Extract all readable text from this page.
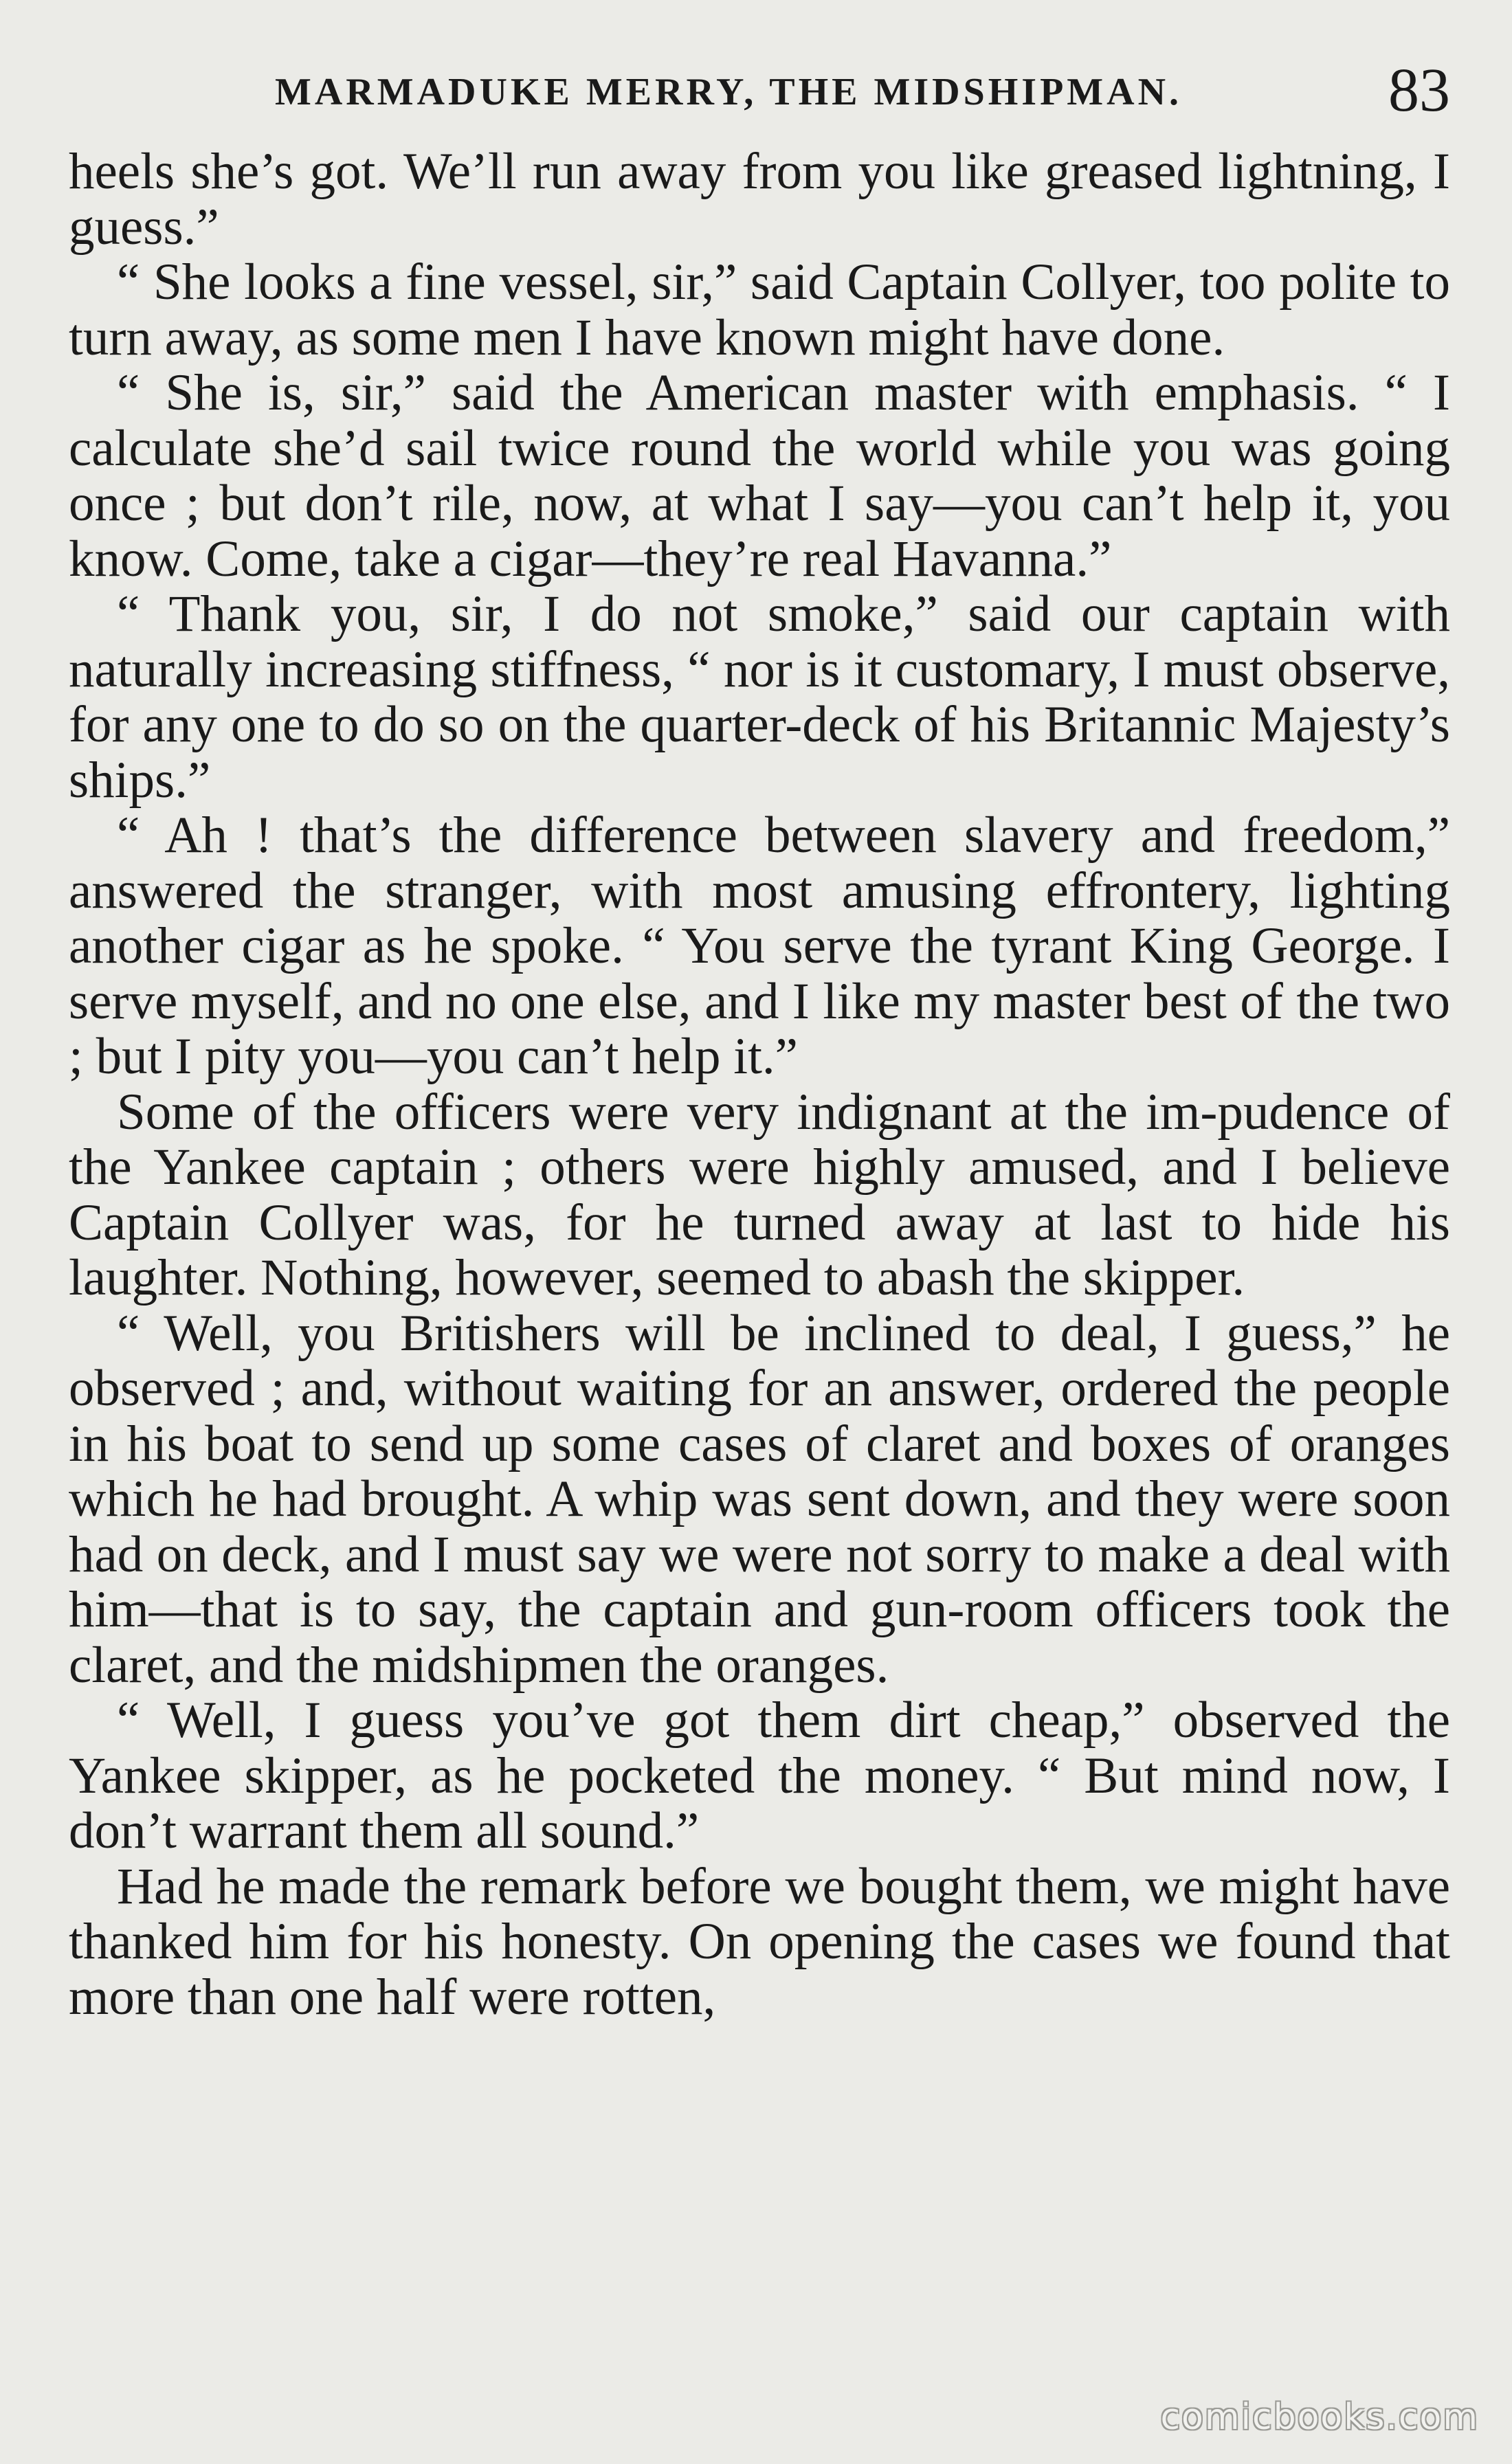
MARMADUKE MERRY, THE MIDSHIPMAN.	83

heels she’s got. We’ll run away from you like greased lightning, I guess.”

“ She looks a fine vessel, sir,” said Captain Collyer, too polite to turn away, as some men I have known might have done.

“ She is, sir,” said the American master with emphasis. “ I calculate she’d sail twice round the world while you was going once ; but don’t rile, now, at what I say—you can’t help it, you know. Come, take a cigar—they’re real Havanna.”

“ Thank you, sir, I do not smoke,” said our captain with naturally increasing stiffness, “ nor is it customary, I must observe, for any one to do so on the quarter-deck of his Britannic Majesty’s ships.”

“ Ah ! that’s the difference between slavery and freedom,” answered the stranger, with most amusing effrontery, lighting another cigar as he spoke. “ You serve the tyrant King George. I serve myself, and no one else, and I like my master best of the two ; but I pity you—you can’t help it.”

Some of the officers were very indignant at the im-pudence of the Yankee captain ; others were highly amused, and I believe Captain Collyer was, for he turned away at last to hide his laughter. Nothing, however, seemed to abash the skipper.

“ Well, you Britishers will be inclined to deal, I guess,” he observed ; and, without waiting for an answer, ordered the people in his boat to send up some cases of claret and boxes of oranges which he had brought. A whip was sent down, and they were soon had on deck, and I must say we were not sorry to make a deal with him—that is to say, the captain and gun-room officers took the claret, and the midshipmen the oranges.

“ Well, I guess you’ve got them dirt cheap,” observed the Yankee skipper, as he pocketed the money. “ But mind now, I don’t warrant them all sound.”

Had he made the remark before we bought them, we might have thanked him for his honesty. On opening the cases we found that more than one half were rotten,

comicbooks.com
